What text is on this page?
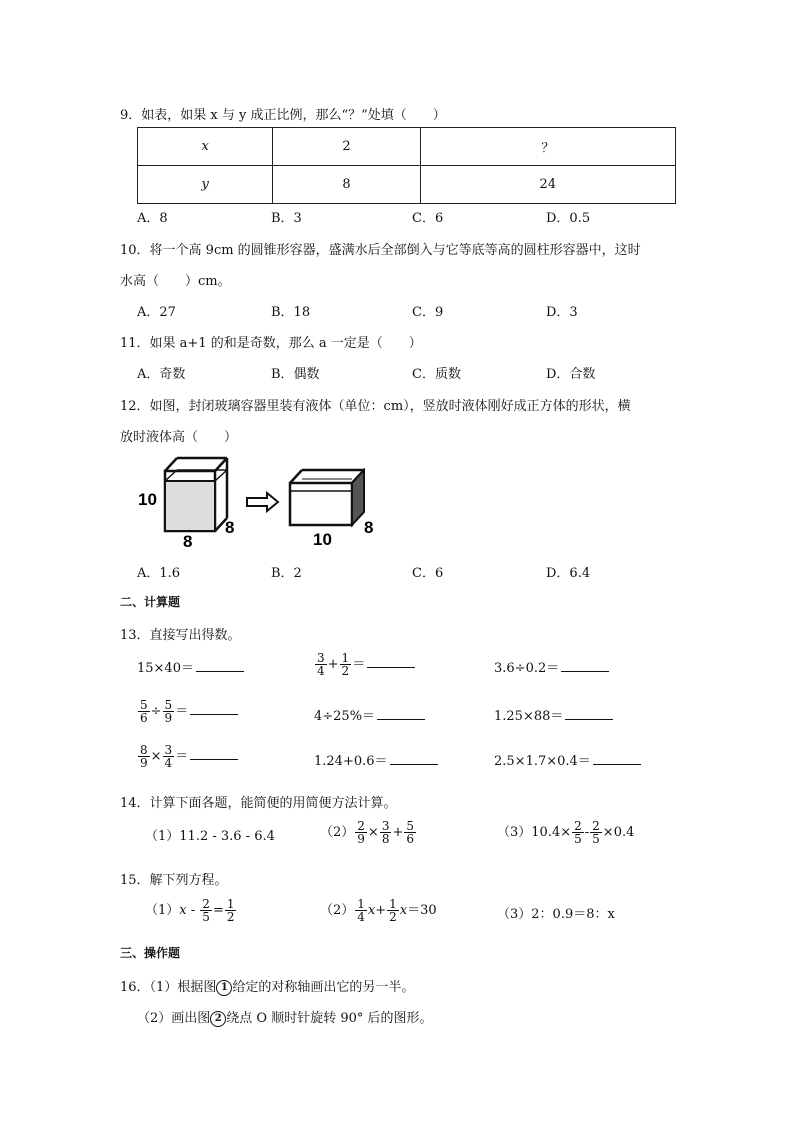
9．如表，如果 x 与 y 成正比例，那么“？”处填（　　）
x	2	？
y	8	24
A．8	B．3	C．6	D．0.5
10．将一个高 9cm 的圆锥形容器，盛满水后全部倒入与它等底等高的圆柱形容器中，这时
水高（　　）cm。
A．27	B．18	C．9	D．3
11．如果 a+1 的和是奇数，那么 a 一定是（　　）
A．奇数	B．偶数	C．质数	D．合数
12．如图，封闭玻璃容器里装有液体（单位：cm），竖放时液体刚好成正方体的形状，横
放时液体高（　　）
10
8
8
10
8
A．1.6	B．2	C．6	D．6.4
二、计算题
13．直接写出得数。
15×40＝	$\frac{3}{4} + \frac{1}{2}$ ＝	3.6÷0.2＝
$\frac{5}{6} \div \frac{5}{9}$ ＝	4÷25%＝	1.25×88＝
$\frac{8}{9} \times \frac{3}{4}$ ＝	1.24+0.6＝	2.5×1.7×0.4＝
14．计算下面各题，能简便的用简便方法计算。
（1）11.2 - 3.6 - 6.4	$(2) \frac{2}{9} \times \frac{3}{8} + \frac{5}{6}$	$(3)10.4\times \frac{2}{5} - \frac{2}{5} \times 0.4$
15．解下列方程。
$(1)x - \frac{2}{5} = \frac{1}{2}$	$(2) \frac{1}{4} x+ \frac{1}{2} x=30$	（3）2：0.9＝8：x
三、操作题
16．（1）根据图 1 给定的对称轴画出它的另一半。
（2）画出图 2 绕点 O 顺时针旋转 90° 后的图形。
